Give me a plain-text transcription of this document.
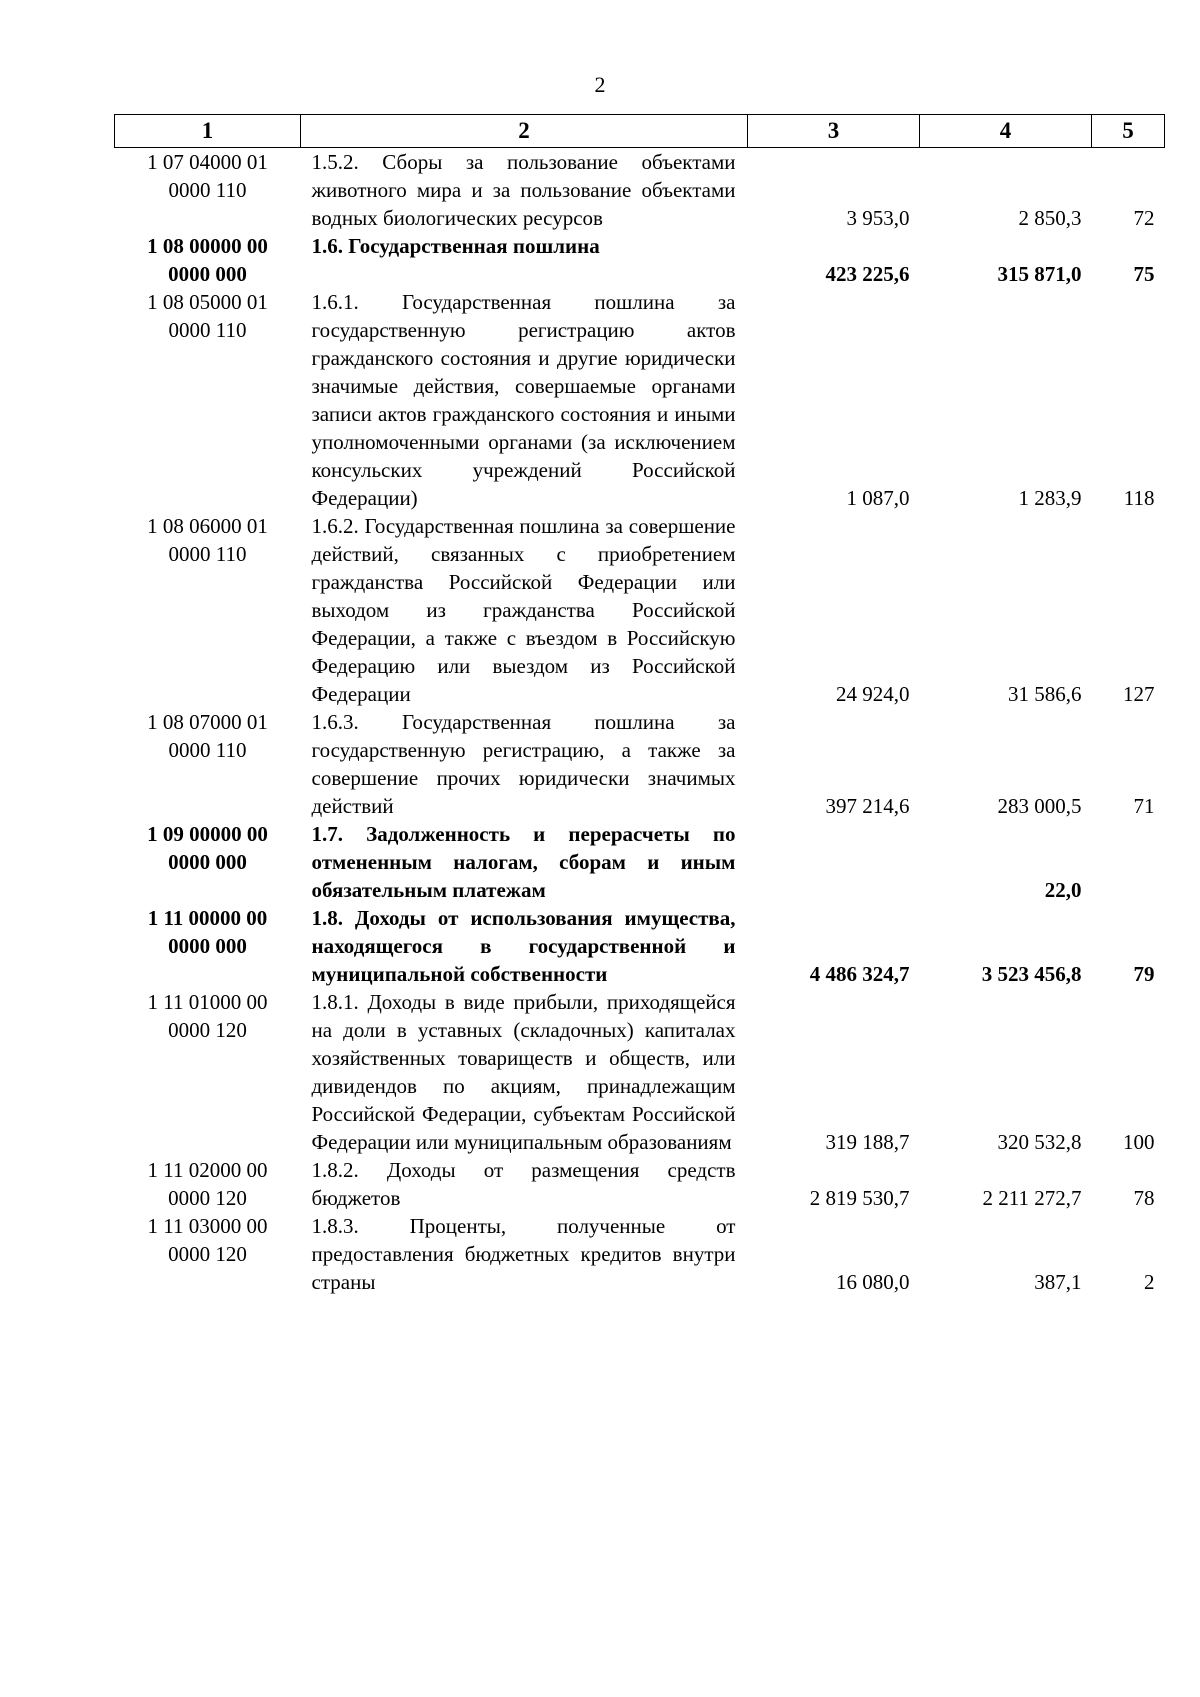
2
1	2	3	4	5
1 07 04000 01
0000 110	1.5.2. Сборы за пользование объектами животного мира и за пользование объектами водных биологических ресурсов	3 953,0	2 850,3	72
1 08 00000 00
0000 000	1.6. Государственная пошлина	423 225,6	315 871,0	75
1 08 05000 01
0000 110	1.6.1. Государственная пошлина за государственную регистрацию актов гражданского состояния и другие юридически значимые действия, совершаемые органами записи актов гражданского состояния и иными уполномоченными органами (за исключением консульских учреждений Российской Федерации)	1 087,0	1 283,9	118
1 08 06000 01
0000 110	1.6.2. Государственная пошлина за совершение действий, связанных с приобретением гражданства Российской Федерации или выходом из гражданства Российской Федерации, а также с въездом в Российскую Федерацию или выездом из Российской Федерации	24 924,0	31 586,6	127
1 08 07000 01
0000 110	1.6.3. Государственная пошлина за государственную регистрацию, а также за совершение прочих юридически значимых действий	397 214,6	283 000,5	71
1 09 00000 00
0000 000	1.7. Задолженность и перерасчеты по отмененным налогам, сборам и иным обязательным платежам		22,0	
1 11 00000 00
0000 000	1.8. Доходы от использования имущества, находящегося в государственной и муниципальной собственности	4 486 324,7	3 523 456,8	79
1 11 01000 00
0000 120	1.8.1. Доходы в виде прибыли, приходящейся на доли в уставных (складочных) капиталах хозяйственных товариществ и обществ, или дивидендов по акциям, принадлежащим Российской Федерации, субъектам Российской Федерации или муниципальным образованиям	319 188,7	320 532,8	100
1 11 02000 00
0000 120	1.8.2. Доходы от размещения средств бюджетов	2 819 530,7	2 211 272,7	78
1 11 03000 00
0000 120	1.8.3. Проценты, полученные от предоставления бюджетных кредитов внутри страны	16 080,0	387,1	2
